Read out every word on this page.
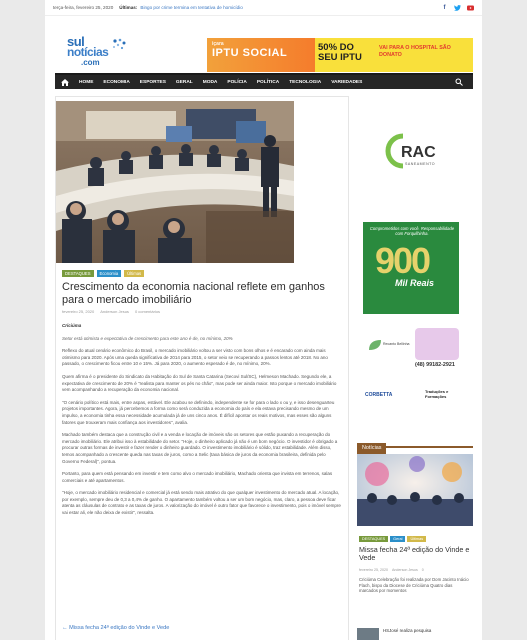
terça-feira, fevereiro 25, 2020 Últimas: Bingo por crime termina em tentativa de homicídio	f
sul
notícias
.com
içara
IPTU SOCIAL	50% DO SEU IPTU
VAI PARA O HOSPITAL SÃO DONATO
HOME	ECONOMIA	ESPORTES	GERAL	MODA	POLÍCIA	POLÍTICA	TECNOLOGIA	VARIEDADES
DESTAQUES	Economia	Últimas
Crescimento da economia nacional reflete em ganhos para o mercado imobiliário
fevereiro 25, 2020 Anderson Jesus 0 comentários

Criciúma

Setor está otimista e expectativa de crescimento para este ano é de, no mínimo, 20%

Reflexo do atual cenário econômico do Brasil, o mercado imobiliário voltou a ser visto com bons olhos e é encarado com ainda mais otimismo para 2020. Após uma queda significativa de 2014 para 2015, o setor veio se recuperando a passos lentos até 2018. No ano passado, o crescimento ficou entre 10 e 15%. Já para 2020, o aumento esperado é de, no mínimo, 20%.

Quem afirma é o presidente do Sindicato da Habitação do Sul de Santa Catarina (Secovi Sul/SC), Helmeson Machado. Segundo ele, a expectativa de crescimento de 20% é "realista para manter os pés no chão", mas pode ser ainda maior. Isto porque o mercado imobiliário vem acompanhando a recuperação da economia nacional.

"O cenário político está mais, entre aspas, estável. Ele acabou se definindo, independente se for para o lado x ou y, e isso desenguarteu projetos importantes. Agora, já percebemos a forma como será conduzida a economia do país e ela estava precisando mesmo de um impulso, a economia tinha essa necessidade acumulada já de uns cinco anos. É difícil apontar os reais motivos, mas esses são alguns fatores que trouxeram mais confiança aos investidores", avalia.

Machado também destaca que a construção civil e a venda e locação de imóveis são os setores que estão puxando a recuperação do mercado imobiliário. Ele atribui isso à estabilidade do setor. "Hoje, o dinheiro aplicado já não é um bom negócio. O investidor é obrigado a procurar outras formas de investir e fazer render o dinheiro guardado. O investimento imobiliário é sólido, traz estabilidade. Além disso, temos acompanhado a crescente queda nas taxas de juros, como a Selic (taxa básica de juros da economia brasileira, definida pelo Governo Federal)", pontua.

Portanto, para quem está pensando em investir e tem como alvo o mercado imobiliário, Machado orienta que invista em terrenos, salas comerciais e até apartamentos.

"Hoje, o mercado imobiliário residencial e comercial já está sendo mais atrativo do que qualquer investimento do mercado atual. A locação, por exemplo, sempre deu de 0,3 a 0,4% de ganho. O apartamento também voltou a ser um bom negócio, mas, claro, a pessoa deve ficar atenta as cláusulas de contrato e as taxas de juros. A valorização do imóvel é outro fator que favorece o investimento, pois o imóvel sempre vai estar ali, ele não deixa de existir", ressalta.

← Missa fecha 24ª edição do Vinde e Vede
RAC
SANEAMENTO
Comprometidos com você. Responsabilidade com Forquilhinha.
900
Mil Reais
Recanto Bellinha
(48) 99182-2921
CORBETTA
Traduções e Formações
Notícias
DESTAQUES	Geral	Últimas
Missa fecha 24ª edição do Vinde e Vede
fevereiro 25, 2020 Anderson Jesus 0
Criciúma Celebração foi realizada por Dom Jacinto Inácio Flach, bispo da Diocese de Criciúma Quatro dias marcados por momentos
HSJosé realiza pesquisa
